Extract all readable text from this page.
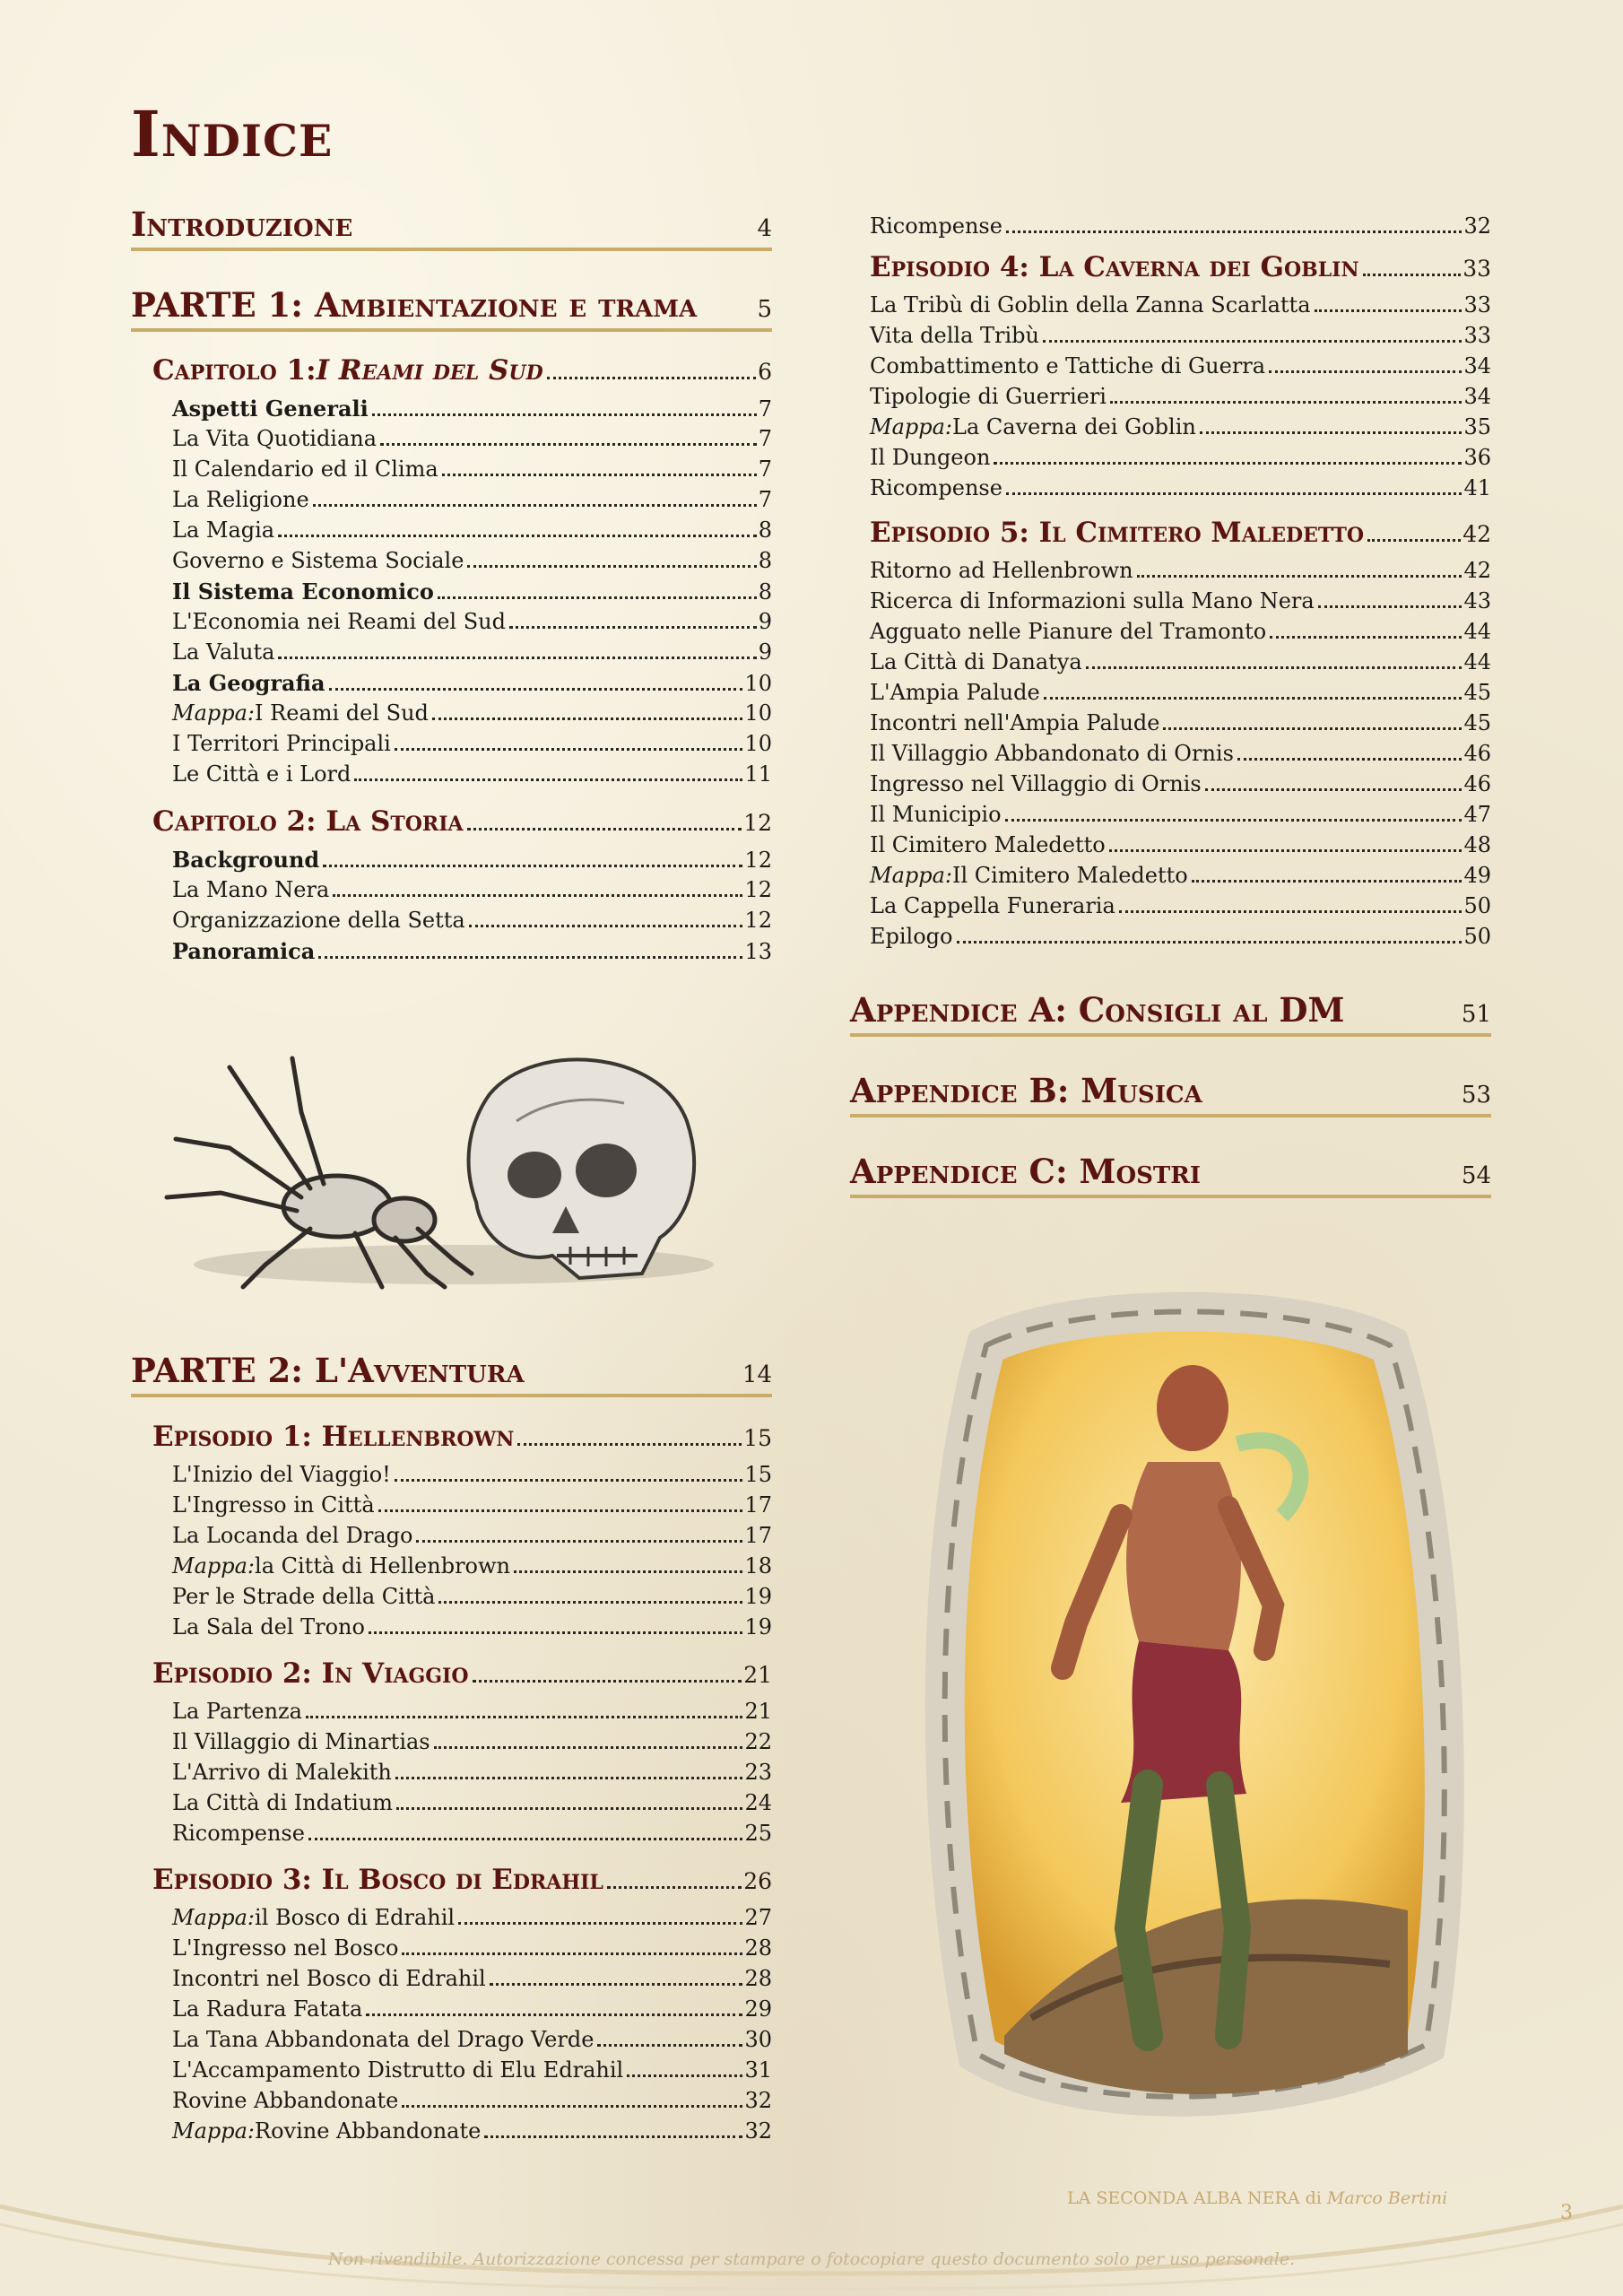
Indice
Introduzione	4
PARTE 1: Ambientazione e trama	5
Capitolo 1: I Reami del Sud	6
Aspetti Generali	7
La Vita Quotidiana	7
Il Calendario ed il Clima	7
La Religione	7
La Magia	8
Governo e Sistema Sociale	8
Il Sistema Economico	8
L'Economia nei Reami del Sud	9
La Valuta	9
La Geografia	10
Mappa: I Reami del Sud	10
I Territori Principali	10
Le Città e i Lord	11
Capitolo 2: La Storia	12
Background	12
La Mano Nera	12
Organizzazione della Setta	12
Panoramica	13
PARTE 2: L'Avventura	14
Episodio 1: Hellenbrown	15
L'Inizio del Viaggio!	15
L'Ingresso in Città	17
La Locanda del Drago	17
Mappa: la Città di Hellenbrown	18
Per le Strade della Città	19
La Sala del Trono	19
Episodio 2: In Viaggio	21
La Partenza	21
Il Villaggio di Minartias	22
L'Arrivo di Malekith	23
La Città di Indatium	24
Ricompense	25
Episodio 3: Il Bosco di Edrahil	26
Mappa: il Bosco di Edrahil	27
L'Ingresso nel Bosco	28
Incontri nel Bosco di Edrahil	28
La Radura Fatata	29
La Tana Abbandonata del Drago Verde	30
L'Accampamento Distrutto di Elu Edrahil	31
Rovine Abbandonate	32
Mappa: Rovine Abbandonate	32
Ricompense	32
Episodio 4: La Caverna dei Goblin	33
La Tribù di Goblin della Zanna Scarlatta	33
Vita della Tribù	33
Combattimento e Tattiche di Guerra	34
Tipologie di Guerrieri	34
Mappa: La Caverna dei Goblin	35
Il Dungeon	36
Ricompense	41
Episodio 5: Il Cimitero Maledetto	42
Ritorno ad Hellenbrown	42
Ricerca di Informazioni sulla Mano Nera	43
Agguato nelle Pianure del Tramonto	44
La Città di Danatya	44
L'Ampia Palude	45
Incontri nell'Ampia Palude	45
Il Villaggio Abbandonato di Ornis	46
Ingresso nel Villaggio di Ornis	46
Il Municipio	47
Il Cimitero Maledetto	48
Mappa: Il Cimitero Maledetto	49
La Cappella Funeraria	50
Epilogo	50
Appendice A: Consigli al DM	51
Appendice B: Musica	53
Appendice C: Mostri	54
LA SECONDA ALBA NERA di Marco Bertini
3
Non rivendibile. Autorizzazione concessa per stampare o fotocopiare questo documento solo per uso personale.
